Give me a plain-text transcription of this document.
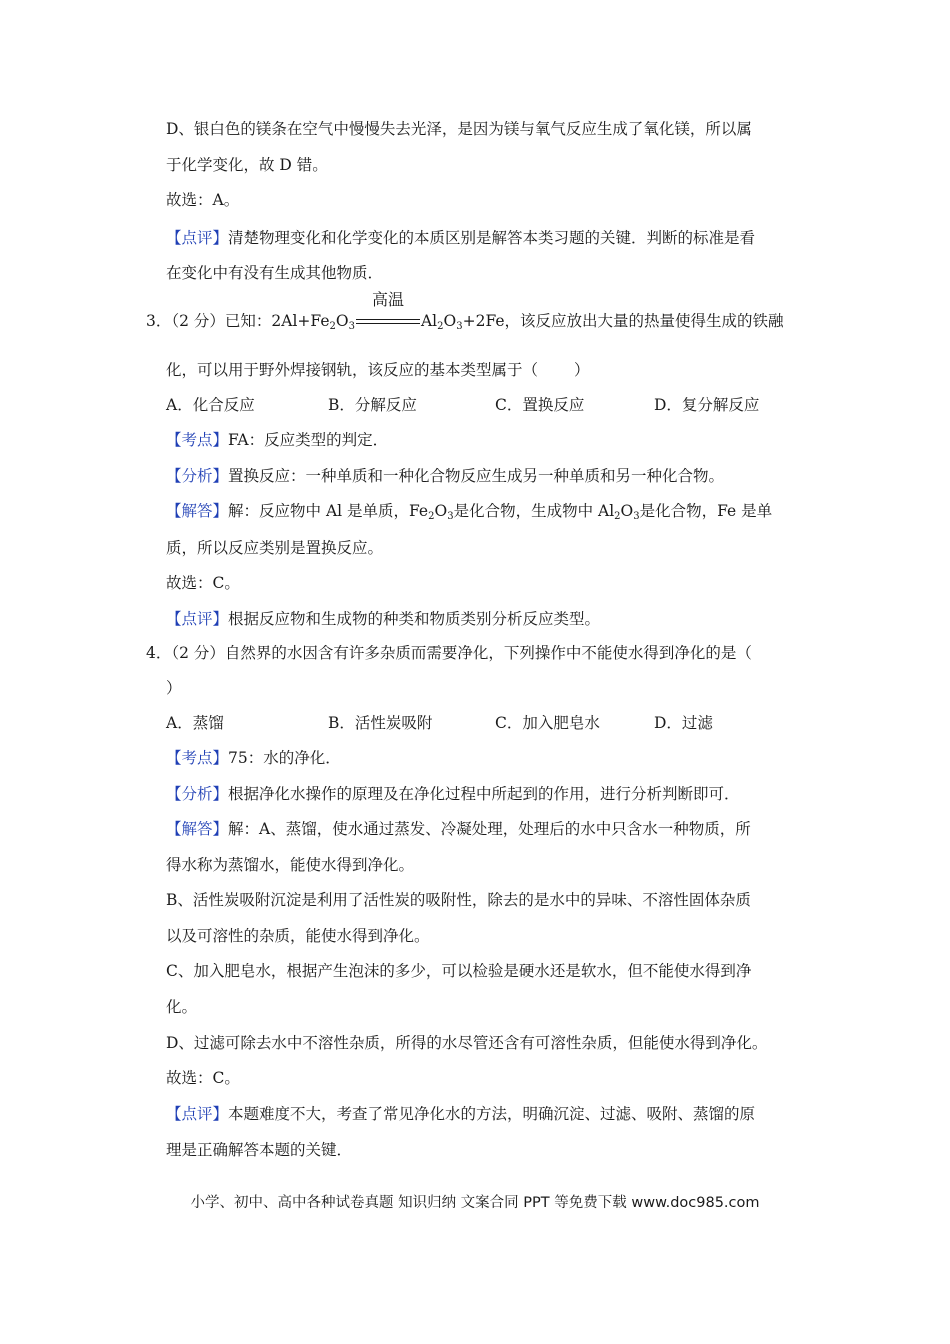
D、银白色的镁条在空气中慢慢失去光泽，是因为镁与氧气反应生成了氧化镁，所以属
于化学变化，故 D 错。
故选：A。
【点评】清楚物理变化和化学变化的本质区别是解答本类习题的关键．判断的标准是看
在变化中有没有生成其他物质．
3．（2 分）已知：$2Al+Fe_2O_3$
高温
$Al_2O_3+2Fe$，该反应放出大量的热量使得生成的铁融
化，可以用于野外焊接钢轨，该反应的基本类型属于（ ）
A．化合反应	B．分解反应	C．置换反应	D．复分解反应
【考点】FA：反应类型的判定．
【分析】置换反应：一种单质和一种化合物反应生成另一种单质和另一种化合物。
【解答】解：反应物中 Al 是单质，$Fe_2O_3$是化合物，生成物中 $Al_2O_3$是化合物，Fe 是单
质，所以反应类别是置换反应。
故选：C。
【点评】根据反应物和生成物的种类和物质类别分析反应类型。
4．（2 分）自然界的水因含有许多杂质而需要净化，下列操作中不能使水得到净化的是（
）
A．蒸馏	B．活性炭吸附	C．加入肥皂水	D．过滤
【考点】75：水的净化．
【分析】根据净化水操作的原理及在净化过程中所起到的作用，进行分析判断即可．
【解答】解：A、蒸馏，使水通过蒸发、冷凝处理，处理后的水中只含水一种物质，所
得水称为蒸馏水，能使水得到净化。
B、活性炭吸附沉淀是利用了活性炭的吸附性，除去的是水中的异味、不溶性固体杂质
以及可溶性的杂质，能使水得到净化。
C、加入肥皂水，根据产生泡沫的多少，可以检验是硬水还是软水，但不能使水得到净
化。
D、过滤可除去水中不溶性杂质，所得的水尽管还含有可溶性杂质，但能使水得到净化。
故选：C。
【点评】本题难度不大，考查了常见净化水的方法，明确沉淀、过滤、吸附、蒸馏的原
理是正确解答本题的关键．
小学、初中、高中各种试卷真题 知识归纳 文案合同 PPT 等免费下载 www.doc985.com
